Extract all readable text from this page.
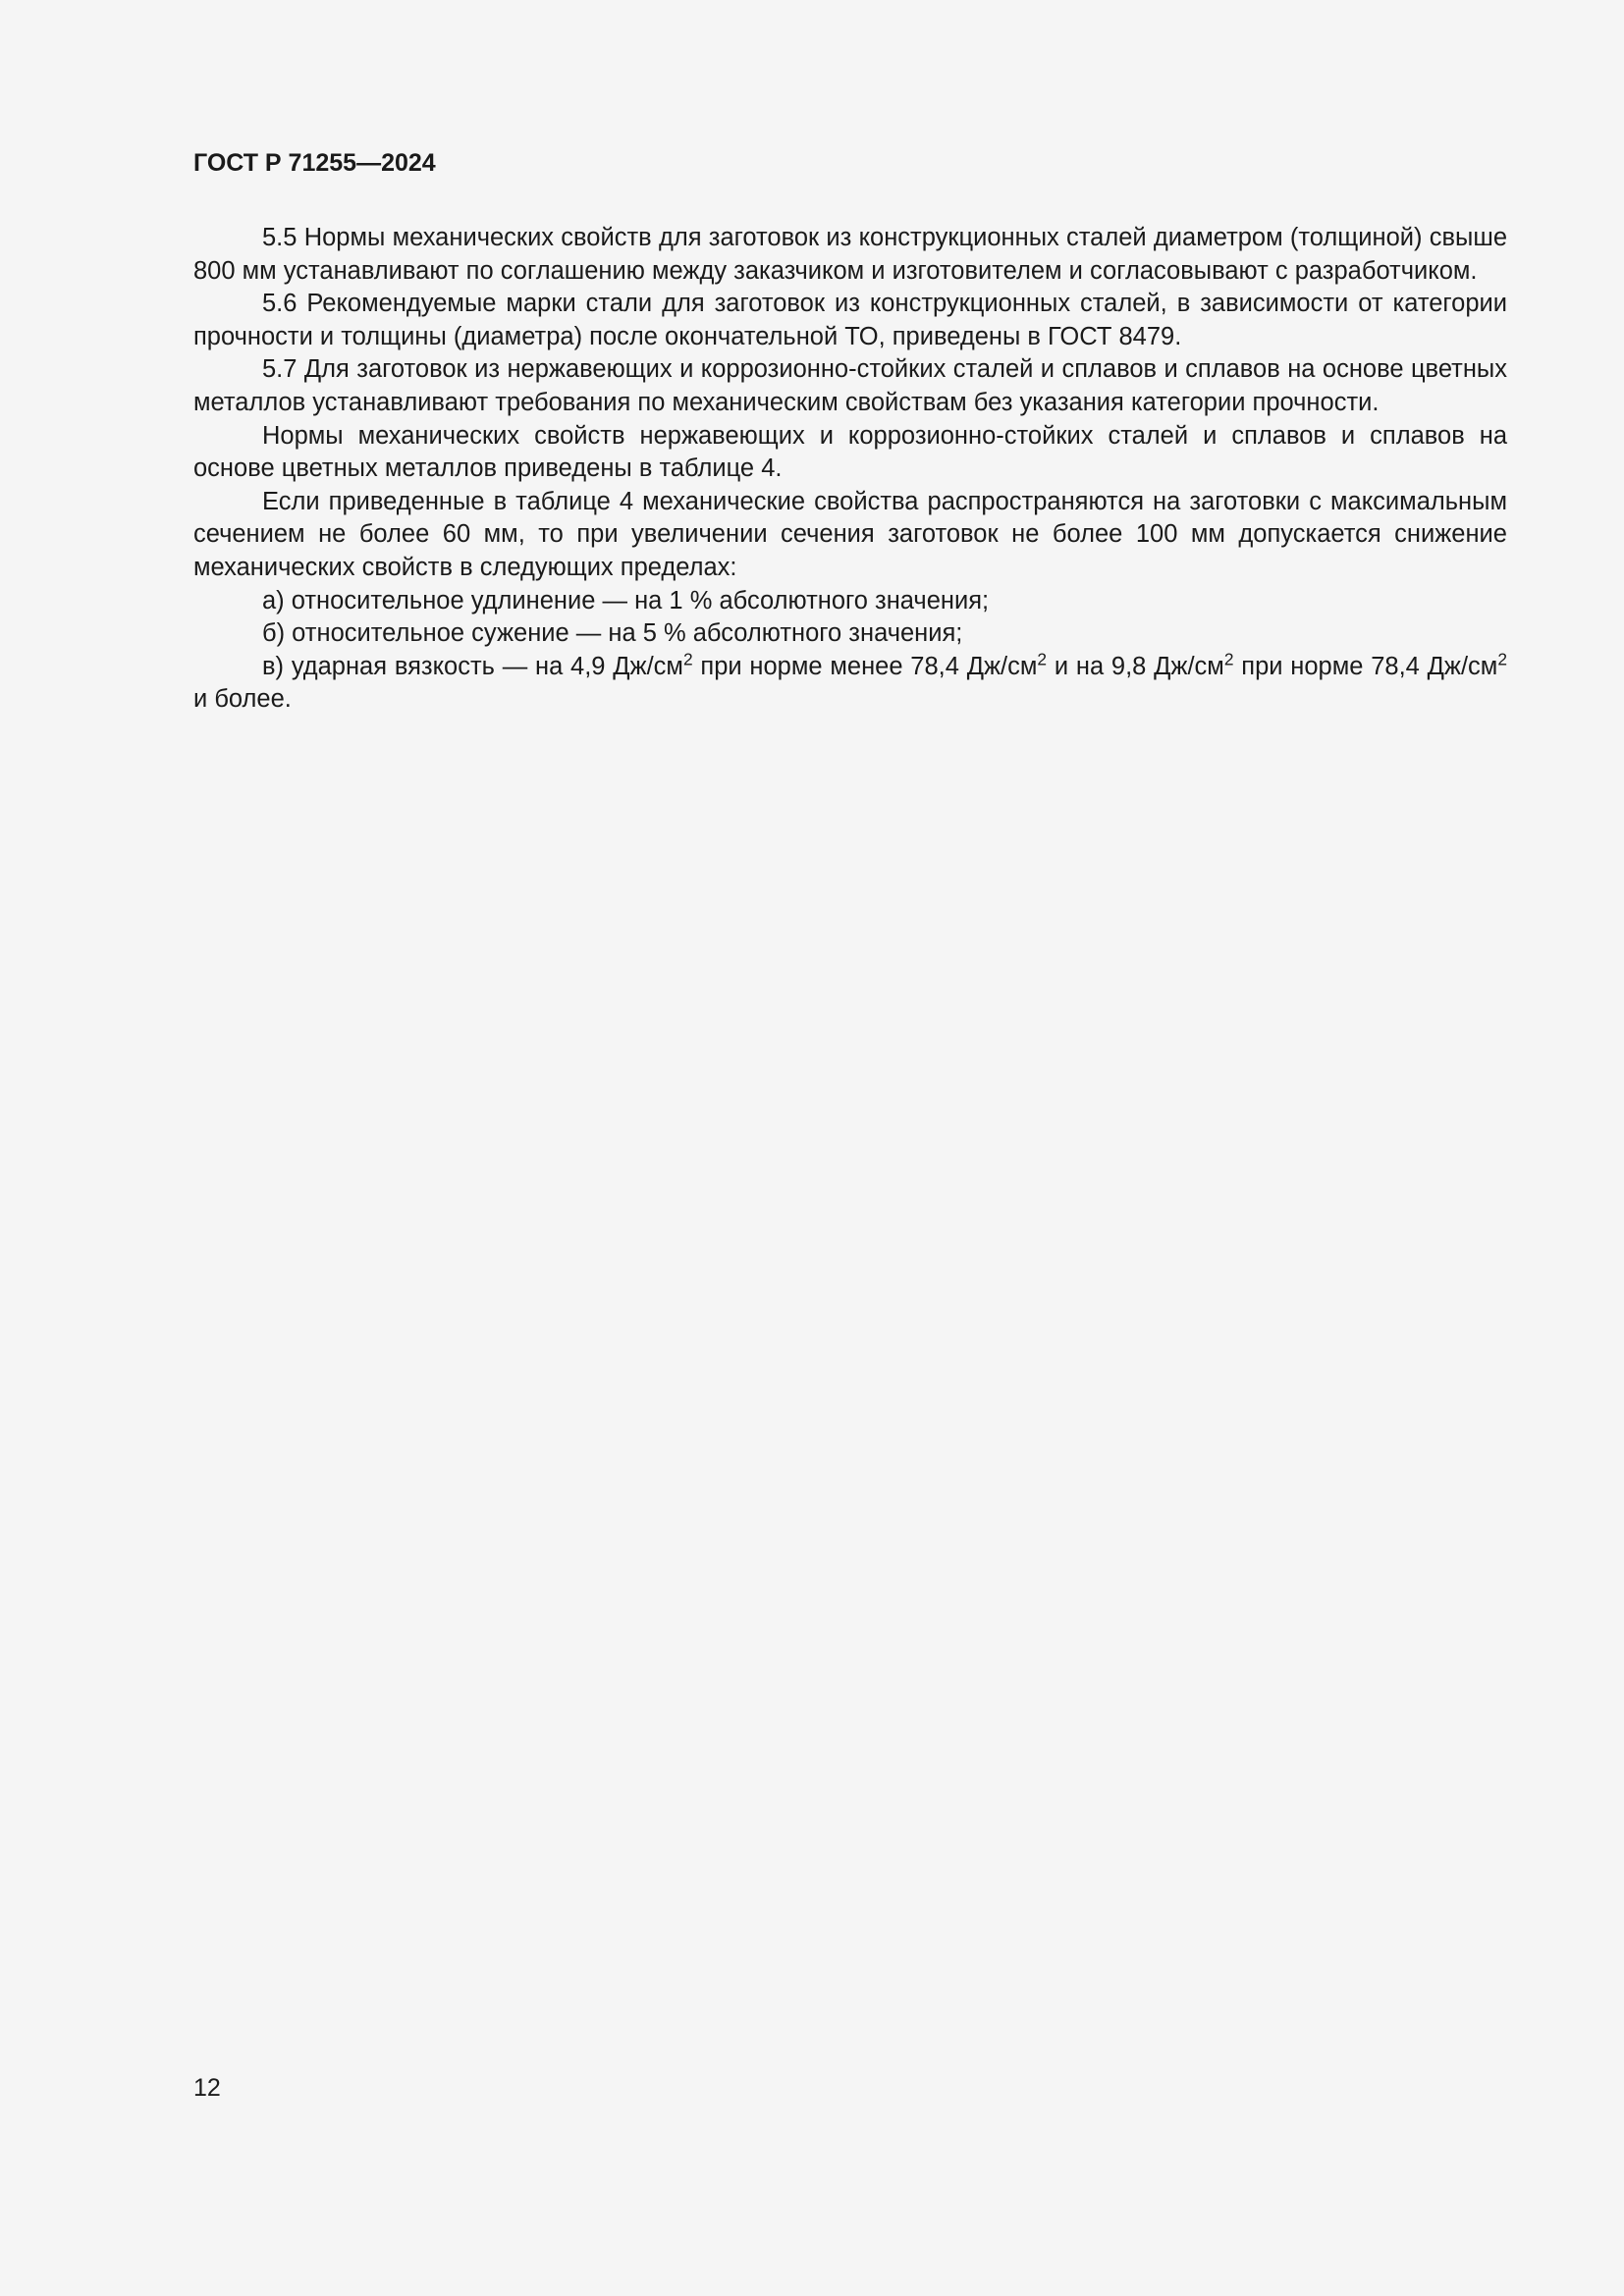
ГОСТ Р 71255—2024

5.5 Нормы механических свойств для заготовок из конструкционных сталей диаметром (толщиной) свыше 800 мм устанавливают по соглашению между заказчиком и изготовителем и согласовывают с разработчиком.

5.6 Рекомендуемые марки стали для заготовок из конструкционных сталей, в зависимости от категории прочности и толщины (диаметра) после окончательной ТО, приведены в ГОСТ 8479.

5.7 Для заготовок из нержавеющих и коррозионно-стойких сталей и сплавов и сплавов на основе цветных металлов устанавливают требования по механическим свойствам без указания категории прочности.

Нормы механических свойств нержавеющих и коррозионно-стойких сталей и сплавов и сплавов на основе цветных металлов приведены в таблице 4.

Если приведенные в таблице 4 механические свойства распространяются на заготовки с максимальным сечением не более 60 мм, то при увеличении сечения заготовок не более 100 мм допускается снижение механических свойств в следующих пределах:

а) относительное удлинение — на 1 % абсолютного значения;

б) относительное сужение — на 5 % абсолютного значения;

в) ударная вязкость — на 4,9 $Дж/см^2$ при норме менее 78,4 $Дж/см^2$ и на 9,8 $Дж/см^2$ при норме 78,4 $Дж/см^2$ и более.

12
